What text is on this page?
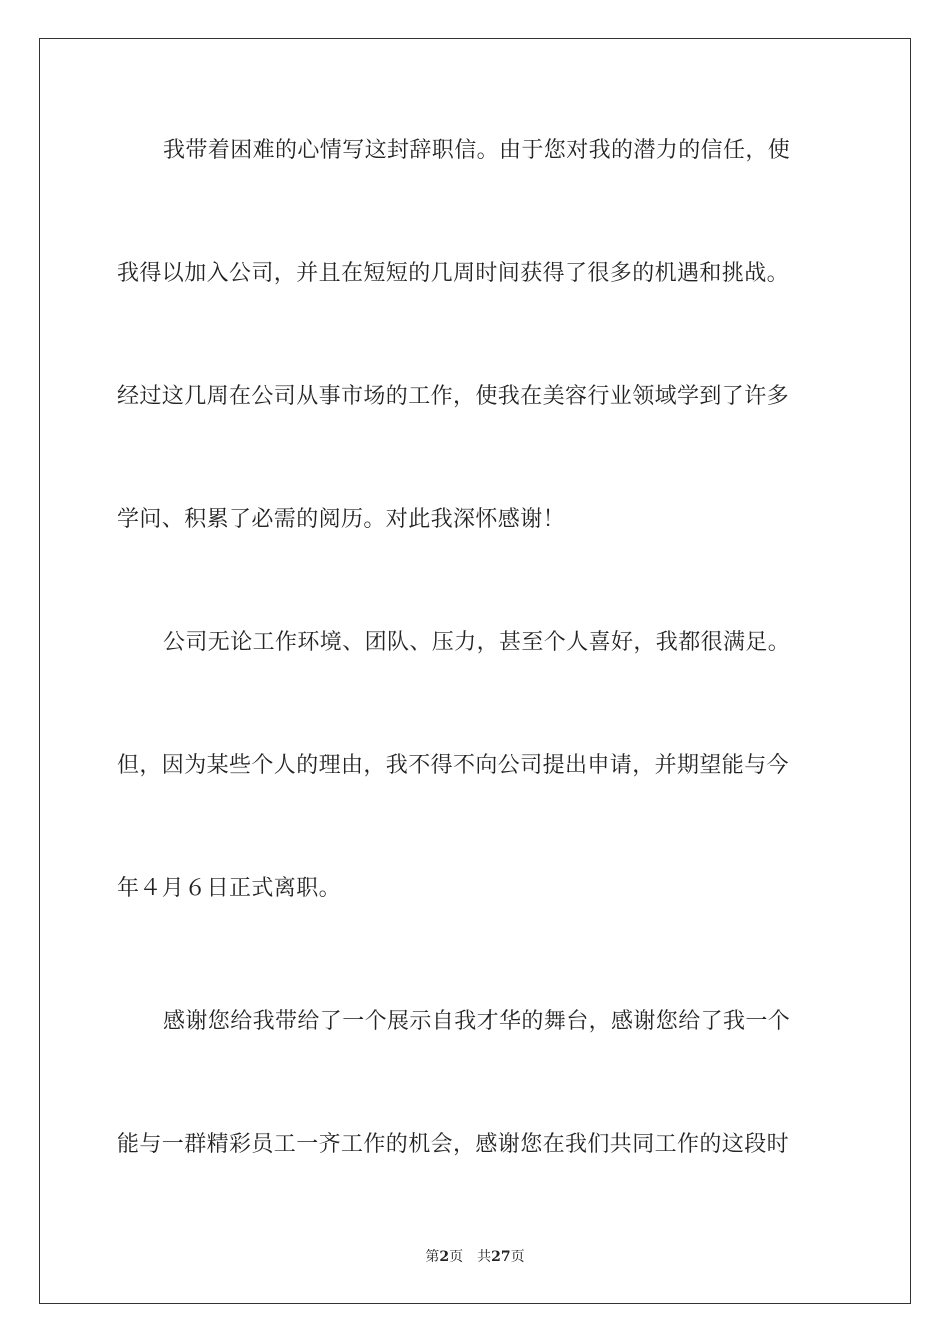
我带着困难的心情写这封辞职信。由于您对我的潜力的信任，使
我得以加入公司，并且在短短的几周时间获得了很多的机遇和挑战。
经过这几周在公司从事市场的工作，使我在美容行业领域学到了许多
学问、积累了必需的阅历。对此我深怀感谢！
公司无论工作环境、团队、压力，甚至个人喜好，我都很满足。
但，因为某些个人的理由，我不得不向公司提出申请，并期望能与今
年４月６日正式离职。
感谢您给我带给了一个展示自我才华的舞台，感谢您给了我一个
能与一群精彩员工一齐工作的机会，感谢您在我们共同工作的这段时
第2页 共27页
